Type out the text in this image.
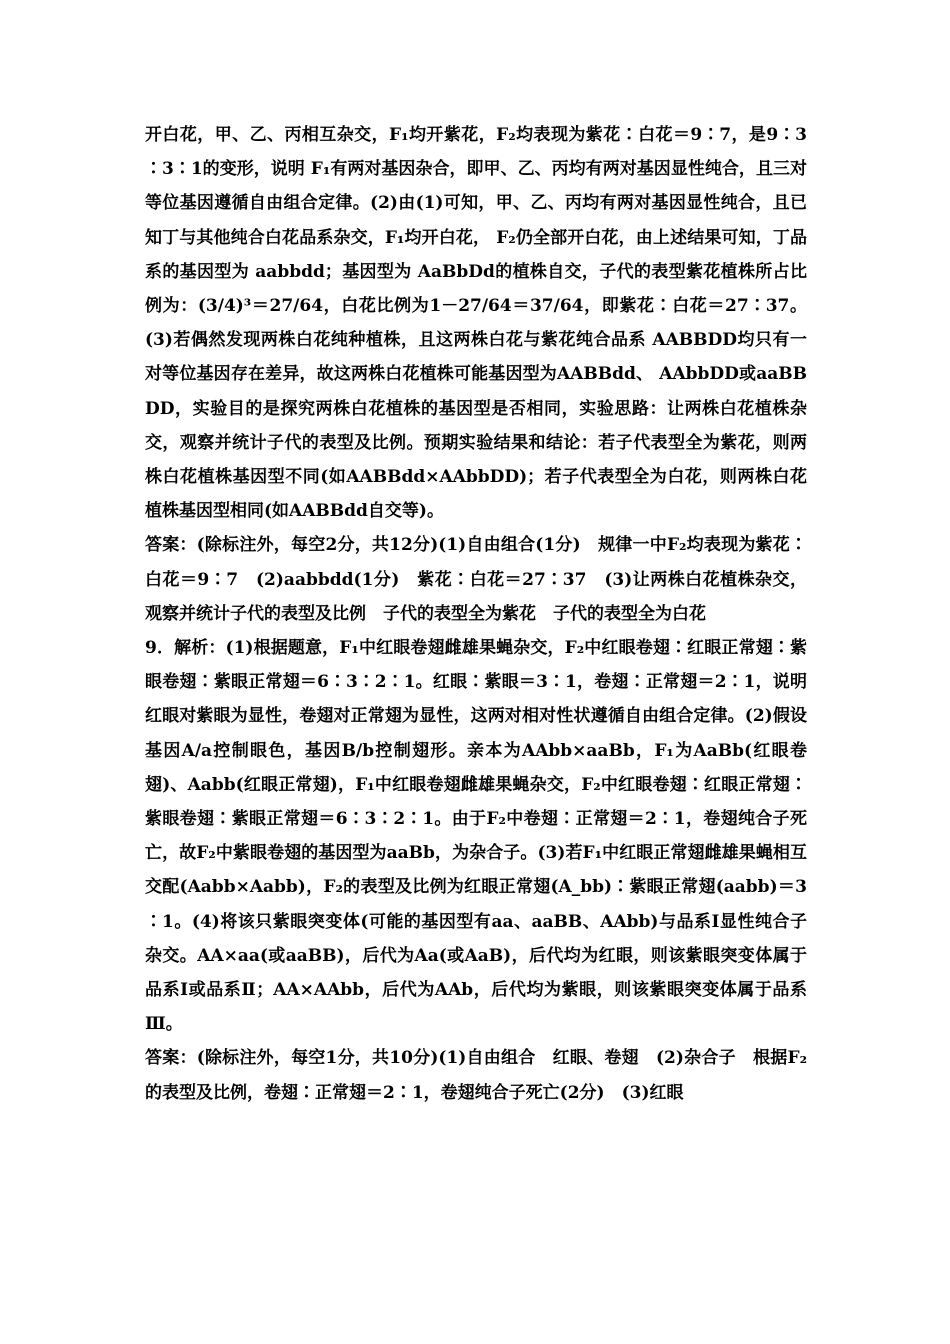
开白花，甲、乙、丙相互杂交，F₁均开紫花，F₂均表现为紫花∶白花＝9∶7，是9∶3∶3∶1的变形，说明 F₁有两对基因杂合，即甲、乙、丙均有两对基因显性纯合，且三对等位基因遵循自由组合定律。(2)由(1)可知，甲、乙、丙均有两对基因显性纯合，且已知丁与其他纯合白花品系杂交，F₁均开白花， F₂仍全部开白花，由上述结果可知，丁品系的基因型为 aabbdd；基因型为 AaBbDd的植株自交，子代的表型紫花植株所占比例为：(3/4)³＝27/64，白花比例为1－27/64＝37/64，即紫花∶白花＝27∶37。(3)若偶然发现两株白花纯种植株，且这两株白花与紫花纯合品系 AABBDD均只有一对等位基因存在差异，故这两株白花植株可能基因型为AABBdd、 AAbbDD或aaBBDD，实验目的是探究两株白花植株的基因型是否相同，实验思路：让两株白花植株杂交，观察并统计子代的表型及比例。预期实验结果和结论：若子代表型全为紫花，则两株白花植株基因型不同(如AABBdd×AAbbDD)；若子代表型全为白花，则两株白花植株基因型相同(如AABBdd自交等)。

答案：(除标注外，每空2分，共12分)(1)自由组合(1分)　规律一中F₂均表现为紫花∶白花＝9∶7　(2)aabbdd(1分)　紫花∶白花＝27∶37　(3)让两株白花植株杂交，观察并统计子代的表型及比例　子代的表型全为紫花　子代的表型全为白花

9．解析：(1)根据题意，F₁中红眼卷翅雌雄果蝇杂交，F₂中红眼卷翅∶红眼正常翅∶紫眼卷翅∶紫眼正常翅＝6∶3∶2∶1。红眼∶紫眼＝3∶1，卷翅∶正常翅＝2∶1，说明红眼对紫眼为显性，卷翅对正常翅为显性，这两对相对性状遵循自由组合定律。(2)假设基因A/a控制眼色，基因B/b控制翅形。亲本为AAbb×aaBb，F₁为AaBb(红眼卷翅)、Aabb(红眼正常翅)，F₁中红眼卷翅雌雄果蝇杂交，F₂中红眼卷翅∶红眼正常翅∶紫眼卷翅∶紫眼正常翅＝6∶3∶2∶1。由于F₂中卷翅∶正常翅＝2∶1，卷翅纯合子死亡，故F₂中紫眼卷翅的基因型为aaBb，为杂合子。(3)若F₁中红眼正常翅雌雄果蝇相互交配(Aabb×Aabb)，F₂的表型及比例为红眼正常翅(A_bb)∶紫眼正常翅(aabb)＝3∶1。(4)将该只紫眼突变体(可能的基因型有aa、aaBB、AAbb)与品系Ⅰ显性纯合子杂交。AA×aa(或aaBB)，后代为Aa(或AaB)，后代均为红眼，则该紫眼突变体属于品系Ⅰ或品系Ⅱ；AA×AAbb，后代为AAb，后代均为紫眼，则该紫眼突变体属于品系Ⅲ。

答案：(除标注外，每空1分，共10分)(1)自由组合　红眼、卷翅　(2)杂合子　根据F₂的表型及比例，卷翅∶正常翅＝2∶1，卷翅纯合子死亡(2分)　(3)红眼
